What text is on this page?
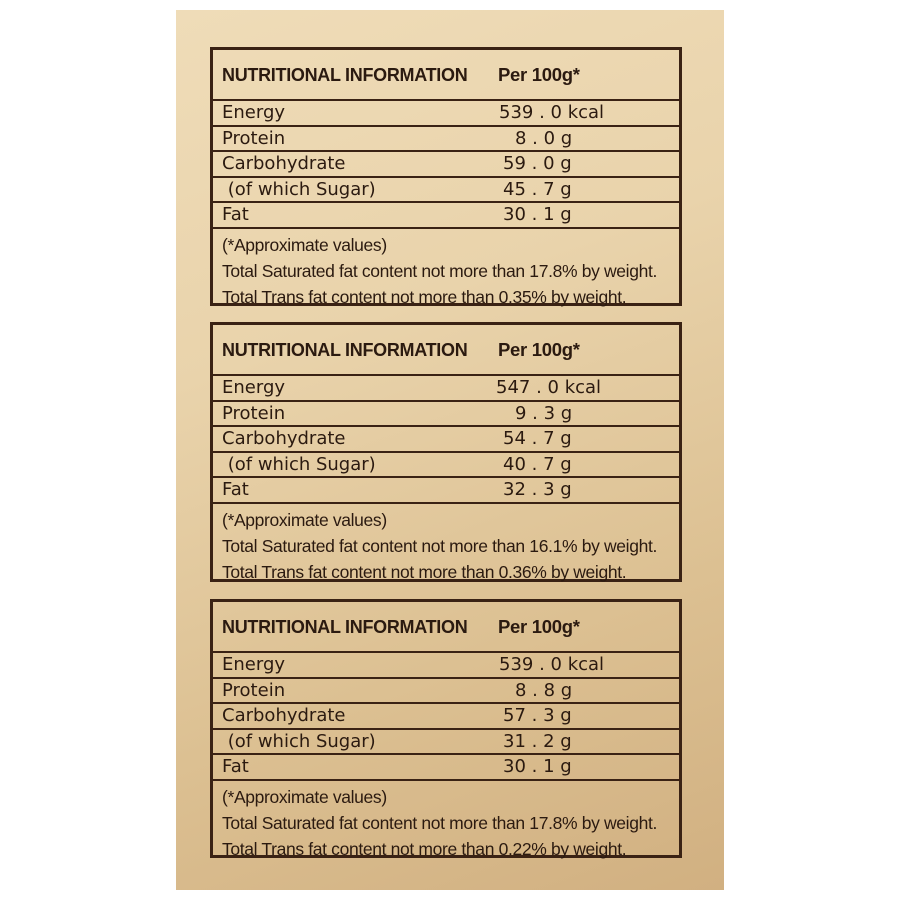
NUTRITIONAL INFORMATION Per 100g*
Energy	539 . 0 kcal
Protein	8 . 0 g
Carbohydrate	59 . 0 g
(of which Sugar)	45 . 7 g
Fat	30 . 1 g
(*Approximate values)
Total Saturated fat content not more than 17.8% by weight.
Total Trans fat content not more than 0.35% by weight.
NUTRITIONAL INFORMATION Per 100g*
Energy	547 . 0 kcal
Protein	9 . 3 g
Carbohydrate	54 . 7 g
(of which Sugar)	40 . 7 g
Fat	32 . 3 g
(*Approximate values)
Total Saturated fat content not more than 16.1% by weight.
Total Trans fat content not more than 0.36% by weight.
NUTRITIONAL INFORMATION Per 100g*
Energy	539 . 0 kcal
Protein	8 . 8 g
Carbohydrate	57 . 3 g
(of which Sugar)	31 . 2 g
Fat	30 . 1 g
(*Approximate values)
Total Saturated fat content not more than 17.8% by weight.
Total Trans fat content not more than 0.22% by weight.
